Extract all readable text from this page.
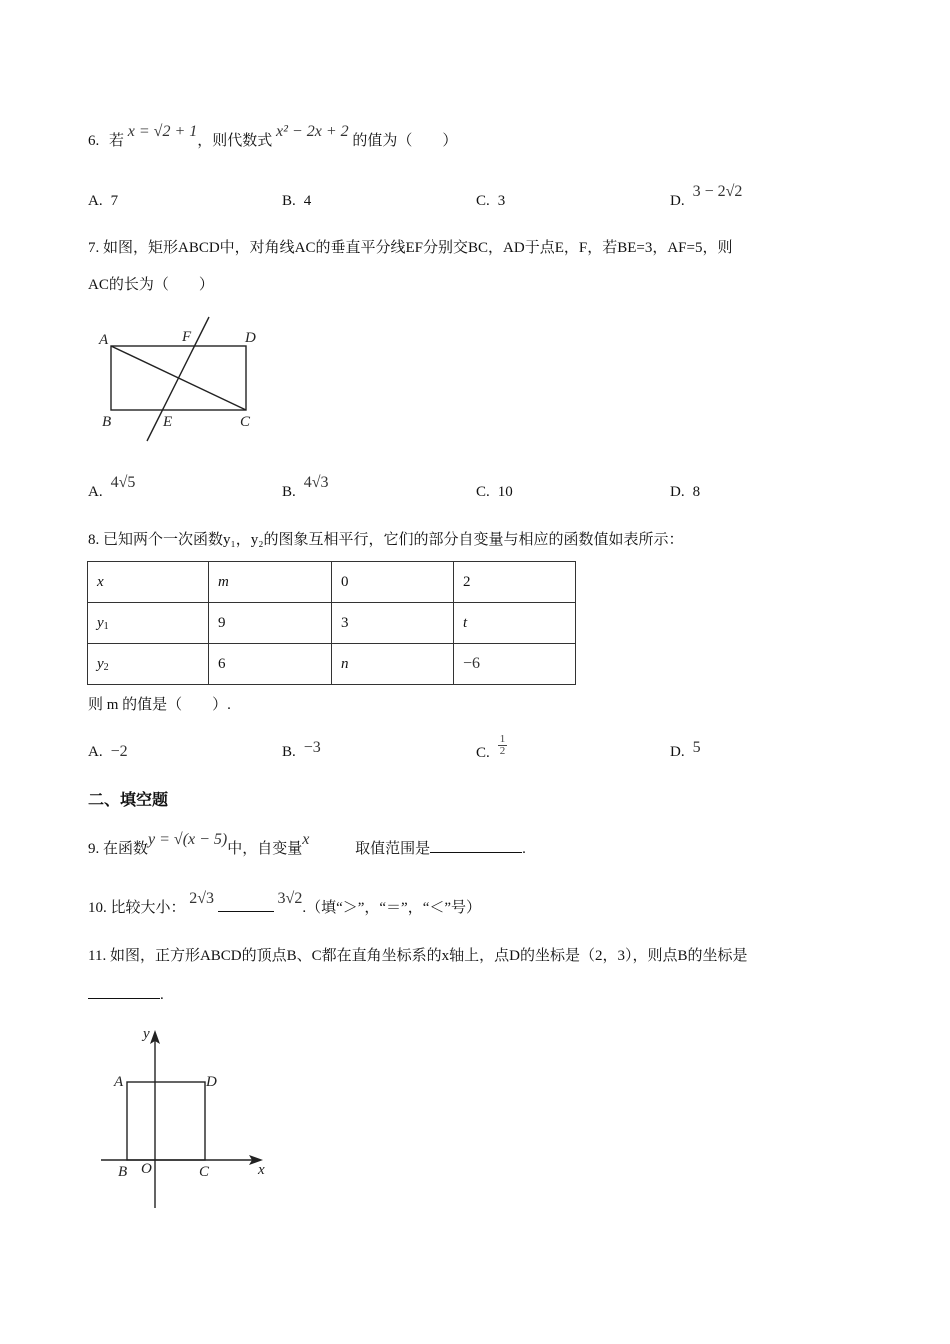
6. 若 x = √2 + 1，则代数式 x² − 2x + 2 的值为（　　）
A. 7	B. 4	C. 3	D.3 − 2√2
7. 如图，矩形ABCD中，对角线AC的垂直平分线EF分别交BC，AD于点E，F，若BE=3，AF=5，则
AC的长为（　　）
A	F	D
B	E	C
A.4√5
B.4√3
C. 10	D. 8
8. 已知两个一次函数y₁，y₂的图象互相平行，它们的部分自变量与相应的函数值如表所示：
x	m	0	2
$y_1$	9	3	t
$y_2$	6	n	−6
则 m 的值是（　　）.
A. −2	B. −3	C. $\frac{1}{2}$	D. 5
二、填空题
9. 在函数y = √(x − 5)中，自变量x 取值范围是	.
10. 比较大小： 2√3	3√2.（填“＞”，“＝”，“＜”号）
11. 如图，正方形ABCD的顶点B、C都在直角坐标系的x轴上，点D的坐标是（2，3），则点B的坐标是
.
y
A	D
B O	C	x
